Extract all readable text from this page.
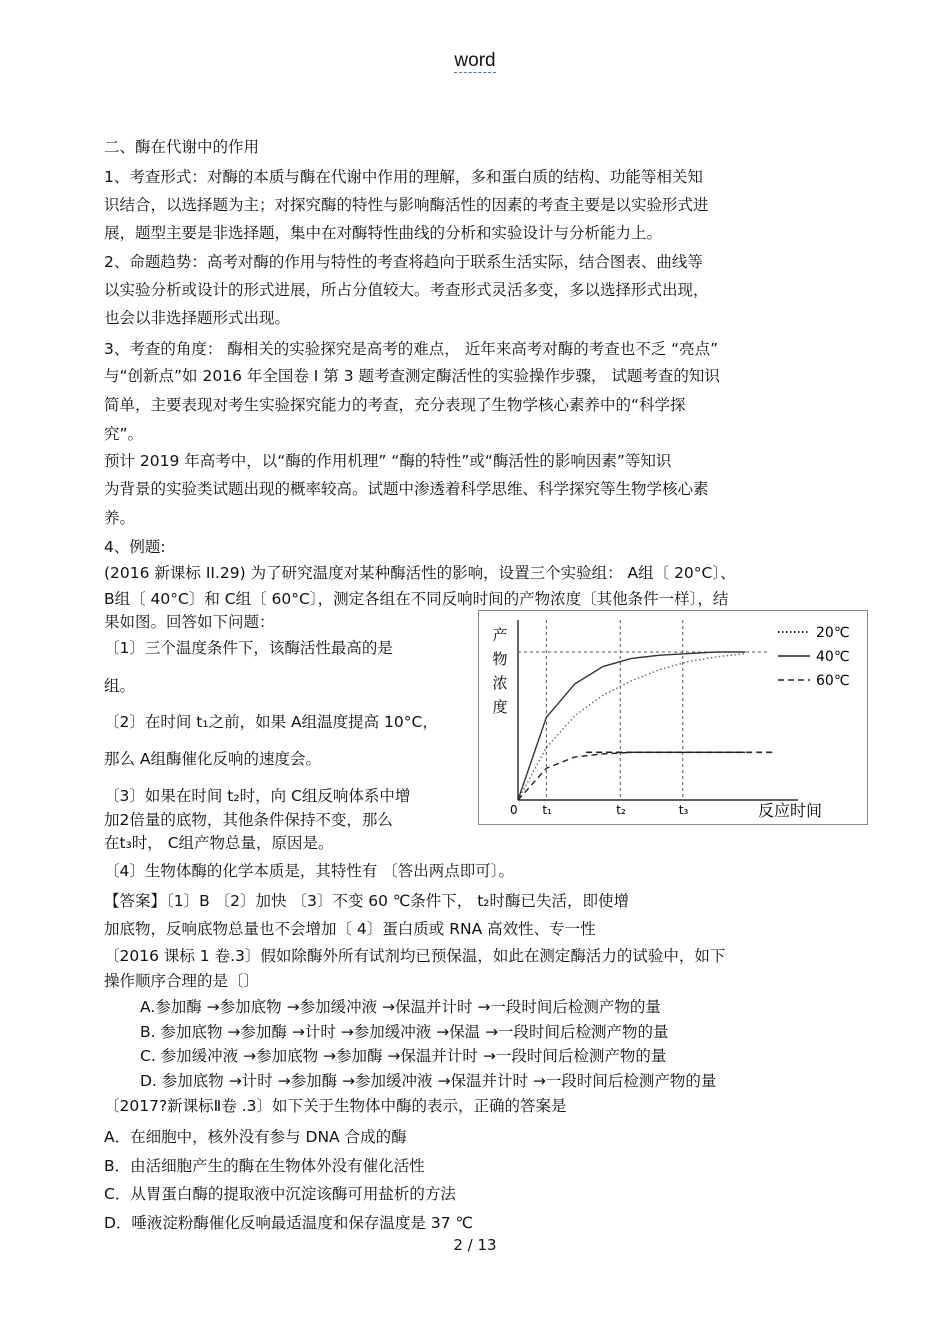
word
二、酶在代谢中的作用
1、考查形式：对酶的本质与酶在代谢中作用的理解，多和蛋白质的结构、功能等相关知
识结合，以选择题为主；对探究酶的特性与影响酶活性的因素的考查主要是以实验形式进
展，题型主要是非选择题，集中在对酶特性曲线的分析和实验设计与分析能力上。
2、命题趋势：高考对酶的作用与特性的考查将趋向于联系生活实际，结合图表、曲线等
以实验分析或设计的形式进展，所占分值较大。考查形式灵活多变，多以选择形式出现，
也会以非选择题形式出现。
3、考查的角度： 酶相关的实验探究是高考的难点， 近年来高考对酶的考查也不乏 “亮点”
与“创新点”如 2016 年全国卷 I 第 3 题考查测定酶活性的实验操作步骤， 试题考查的知识
简单，主要表现对考生实验探究能力的考查，充分表现了生物学核心素养中的“科学探
究”。
预计 2019 年高考中，以“酶的作用机理” “酶的特性”或“酶活性的影响因素”等知识
为背景的实验类试题出现的概率较高。试题中渗透着科学思维、科学探究等生物学核心素
养。
4、例题:
(2016 新课标 II.29) 为了研究温度对某种酶活性的影响，设置三个实验组： A组〔 20°C〕、
B组〔 40°C〕和 C组〔 60°C〕，测定各组在不同反响时间的产物浓度〔其他条件一样〕，结
果如图。回答如下问题：
〔1〕三个温度条件下，该酶活性最高的是
组。
〔2〕在时间 t₁之前，如果 A组温度提高 10°C，
那么 A组酶催化反响的速度会。
〔3〕如果在时间 t₂时，向 C组反响体系中增
加2倍量的底物，其他条件保持不变，那么
在t₃时， C组产物总量，原因是。
〔4〕生物体酶的化学本质是，其特性有 〔答出两点即可〕。
【答案】〔1〕B 〔2〕加快 〔3〕不变 60 ℃条件下， t₂时酶已失活，即使增
加底物，反响底物总量也不会增加〔 4〕蛋白质或 RNA 高效性、专一性
〔2016 课标 1 卷.3〕假如除酶外所有试剂均已预保温，如此在测定酶活力的试验中，如下
操作顺序合理的是〔〕
A.参加酶 →参加底物 →参加缓冲液 →保温并计时 →一段时间后检测产物的量
B. 参加底物 →参加酶 →计时 →参加缓冲液 →保温 →一段时间后检测产物的量
C. 参加缓冲液 →参加底物 →参加酶 →保温并计时 →一段时间后检测产物的量
D. 参加底物 →计时 →参加酶 →参加缓冲液 →保温并计时 →一段时间后检测产物的量
〔2017?新课标Ⅱ卷 .3〕如下关于生物体中酶的表示，正确的答案是
A．在细胞中，核外没有参与 DNA 合成的酶
B．由活细胞产生的酶在生物体外没有催化活性
C．从胃蛋白酶的提取液中沉淀该酶可用盐析的方法
D．唾液淀粉酶催化反响最适温度和保存温度是 37 ℃
2 / 13
产
物
浓
度
反应时间
0 t₁	t₂	t₃
20℃
40℃
60℃
